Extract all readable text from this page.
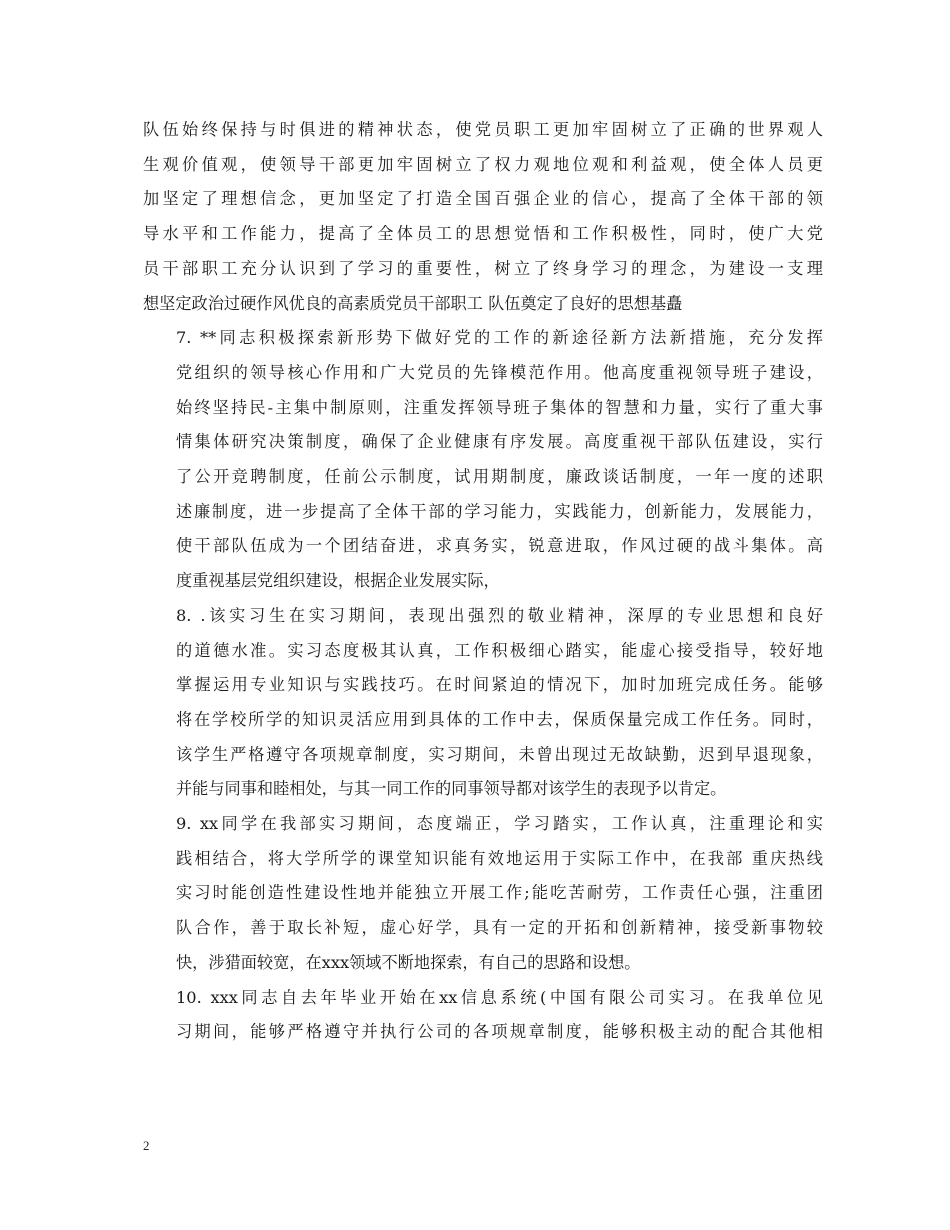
队伍始终保持与时俱进的精神状态，使党员职工更加牢固树立了正确的世界观人
生观价值观，使领导干部更加牢固树立了权力观地位观和利益观，使全体人员更
加坚定了理想信念，更加坚定了打造全国百强企业的信心，提高了全体干部的领
导水平和工作能力，提高了全体员工的思想觉悟和工作积极性，同时，使广大党
员干部职工充分认识到了学习的重要性，树立了终身学习的理念，为建设一支理
想坚定政治过硬作风优良的高素质党员干部职工 队伍奠定了良好的思想基矗

7. **同志积极探索新形势下做好党的工作的新途径新方法新措施，充分发挥
党组织的领导核心作用和广大党员的先锋模范作用。他高度重视领导班子建设，
始终坚持民-主集中制原则，注重发挥领导班子集体的智慧和力量，实行了重大事
情集体研究决策制度，确保了企业健康有序发展。高度重视干部队伍建设，实行
了公开竞聘制度，任前公示制度，试用期制度，廉政谈话制度，一年一度的述职
述廉制度，进一步提高了全体干部的学习能力，实践能力，创新能力，发展能力，
使干部队伍成为一个团结奋进，求真务实，锐意进取，作风过硬的战斗集体。高
度重视基层党组织建设，根据企业发展实际，

8. .该实习生在实习期间，表现出强烈的敬业精神，深厚的专业思想和良好
的道德水准。实习态度极其认真，工作积极细心踏实，能虚心接受指导，较好地
掌握运用专业知识与实践技巧。在时间紧迫的情况下，加时加班完成任务。能够
将在学校所学的知识灵活应用到具体的工作中去，保质保量完成工作任务。同时，
该学生严格遵守各项规章制度，实习期间，未曾出现过无故缺勤，迟到早退现象，
并能与同事和睦相处，与其一同工作的同事领导都对该学生的表现予以肯定。

9. xx同学在我部实习期间，态度端正，学习踏实，工作认真，注重理论和实
践相结合，将大学所学的课堂知识能有效地运用于实际工作中，在我部 重庆热线
实习时能创造性建设性地并能独立开展工作;能吃苦耐劳，工作责任心强，注重团
队合作，善于取长补短，虚心好学，具有一定的开拓和创新精神，接受新事物较
快，涉猎面较宽，在xxx领域不断地探索，有自己的思路和设想。

10. xxx同志自去年毕业开始在xx信息系统(中国有限公司实习。在我单位见
习期间，能够严格遵守并执行公司的各项规章制度，能够积极主动的配合其他相

2
